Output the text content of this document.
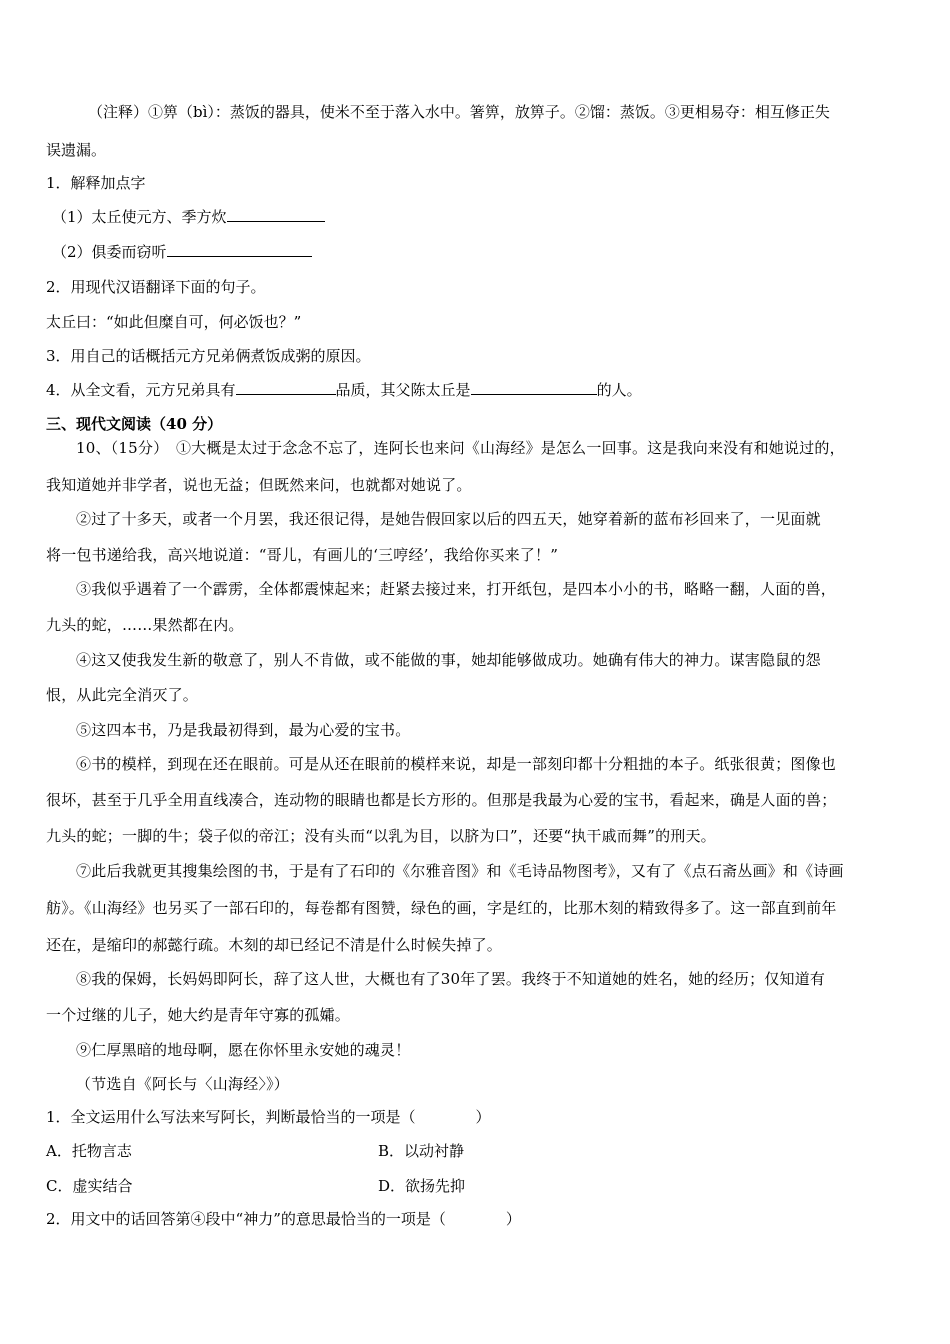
（注释）①箅（bì）：蒸饭的器具，使米不至于落入水中。箸箅，放箅子。②馏：蒸饭。③更相易夺：相互修正失
误遗漏。
1．解释加点字
（1）太丘使元方、季方炊
（2）俱委而窃听
2．用现代汉语翻译下面的句子。
太丘曰：“如此但糜自可，何必饭也？”
3．用自己的话概括元方兄弟俩煮饭成粥的原因。
4．从全文看，元方兄弟具有	品质，其父陈太丘是	的人。
三、现代文阅读（40 分）
10、（15分）　①大概是太过于念念不忘了，连阿长也来问《山海经》是怎么一回事。这是我向来没有和她说过的，
我知道她并非学者，说也无益；但既然来问，也就都对她说了。
②过了十多天，或者一个月罢，我还很记得，是她告假回家以后的四五天，她穿着新的蓝布衫回来了，一见面就
将一包书递给我，高兴地说道：“哥儿，有画儿的‘三哼经’，我给你买来了！”
③我似乎遇着了一个霹雳，全体都震悚起来；赶紧去接过来，打开纸包，是四本小小的书，略略一翻，人面的兽，
九头的蛇，……果然都在内。
④这又使我发生新的敬意了，别人不肯做，或不能做的事，她却能够做成功。她确有伟大的神力。谋害隐鼠的怨
恨，从此完全消灭了。
⑤这四本书，乃是我最初得到，最为心爱的宝书。
⑥书的模样，到现在还在眼前。可是从还在眼前的模样来说，却是一部刻印都十分粗拙的本子。纸张很黄；图像也
很坏，甚至于几乎全用直线凑合，连动物的眼睛也都是长方形的。但那是我最为心爱的宝书，看起来，确是人面的兽；
九头的蛇；一脚的牛；袋子似的帝江；没有头而“以乳为目，以脐为口”，还要“执干戚而舞”的刑天。
⑦此后我就更其搜集绘图的书，于是有了石印的《尔雅音图》和《毛诗品物图考》，又有了《点石斋丛画》和《诗画
舫》。《山海经》也另买了一部石印的，每卷都有图赞，绿色的画，字是红的，比那木刻的精致得多了。这一部直到前年
还在，是缩印的郝懿行疏。木刻的却已经记不清是什么时候失掉了。
⑧我的保姆，长妈妈即阿长，辞了这人世，大概也有了30年了罢。我终于不知道她的姓名，她的经历；仅知道有
一个过继的儿子，她大约是青年守寡的孤孀。
⑨仁厚黑暗的地母啊，愿在你怀里永安她的魂灵！
（节选自《阿长与〈山海经〉》）
1．全文运用什么写法来写阿长，判断最恰当的一项是（　　　　）
A．托物言志	B．以动衬静
C．虚实结合	D．欲扬先抑
2．用文中的话回答第④段中“神力”的意思最恰当的一项是（　　　　）
